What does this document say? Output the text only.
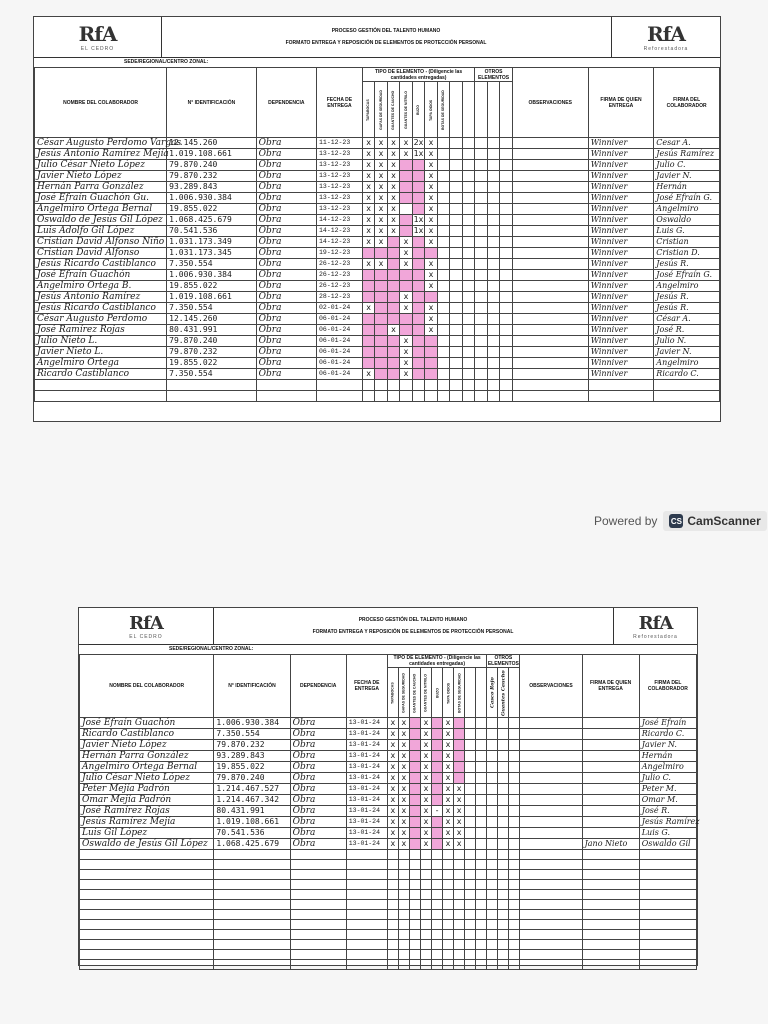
RfA
EL CEDRO
PROCESO GESTIÓN DEL TALENTO HUMANO
FORMATO ENTREGA Y REPOSICIÓN DE ELEMENTOS DE PROTECCIÓN PERSONAL	RfA
Reforestadora
SEDE/REGIONAL/CENTRO ZONAL:
NOMBRE DEL COLABORADOR	N° IDENTIFICACIÓN	DEPENDENCIA	FECHA DE ENTREGA	TIPO DE ELEMENTO - (Diligencie las cantidades entregadas)									OTROS ELEMENTOS			OBSERVACIONES	FIRMA DE QUIEN ENTREGA	FIRMA DEL COLABORADOR
				TAPABOCAS	GAFAS DE SEGURIDAD	GUANTES DE CAUCHO	GUANTES DE NITRILO	BUZO	TAPA OIDOS	BOTAS DE SEGURIDAD								
César Augusto Perdomo Vargas	12.145.260	Obra	11-12-23	x	x	x	x	2x	x								Winniver	Cesar A.
Jesús Antonio Ramírez Mejía	1.019.108.661	Obra	13-12-23	x	x	x	x	1x	x								Winniver	Jesús Ramírez
Julio César Nieto López	79.870.240	Obra	13-12-23	x	x	x			x								Winniver	Julio C.
Javier Nieto López	79.870.232	Obra	13-12-23	x	x	x			x								Winniver	Javier N.
Hernán Parra González	93.289.843	Obra	13-12-23	x	x	x			x								Winniver	Hernán
José Efraín Guachón Gu.	1.006.930.384	Obra	13-12-23	x	x	x			x								Winniver	José Efraín G.
Angelmiro Ortega Bernal	19.855.022	Obra	13-12-23	x	x	x			x								Winniver	Angelmiro
Oswaldo de Jesús Gil López	1.068.425.679	Obra	14-12-23	x	x	x		1x	x								Winniver	Oswaldo
Luis Adolfo Gil López	70.541.536	Obra	14-12-23	x	x	x		1x	x								Winniver	Luis G.
Cristian David Alfonso Niño	1.031.173.349	Obra	14-12-23	x	x		x		x								Winniver	Cristian
Cristian David Alfonso	1.031.173.345	Obra	19-12-23				x										Winniver	Cristian D.
Jesús Ricardo Castiblanco	7.350.554	Obra	26-12-23	x	x		x		x								Winniver	Jesús R.
José Efraín Guachón	1.006.930.384	Obra	26-12-23						x								Winniver	José Efraín G.
Angelmiro Ortega B.	19.855.022	Obra	26-12-23						x								Winniver	Angelmiro
Jesús Antonio Ramírez	1.019.108.661	Obra	28-12-23				x										Winniver	Jesús R.
Jesús Ricardo Castiblanco	7.350.554	Obra	02-01-24	x			x		x								Winniver	Jesús R.
César Augusto Perdomo	12.145.260	Obra	06-01-24						x								Winniver	César A.
José Ramírez Rojas	80.431.991	Obra	06-01-24			x			x								Winniver	José R.
Julio Nieto L.	79.870.240	Obra	06-01-24				x										Winniver	Julio N.
Javier Nieto L.	79.870.232	Obra	06-01-24				x										Winniver	Javier N.
Angelmiro Ortega	19.855.022	Obra	06-01-24				x										Winniver	Angelmiro
Ricardo Castiblanco	7.350.554	Obra	06-01-24	x			x										Winniver	Ricardo C.

Powered by CS CamScanner
RfA
EL CEDRO
PROCESO GESTIÓN DEL TALENTO HUMANO
FORMATO ENTREGA Y REPOSICIÓN DE ELEMENTOS DE PROTECCIÓN PERSONAL	RfA
Reforestadora
SEDE/REGIONAL/CENTRO ZONAL:
NOMBRE DEL COLABORADOR	N° IDENTIFICACIÓN	DEPENDENCIA	FECHA DE ENTREGA	TIPO DE ELEMENTO - (Diligencie las cantidades entregadas)									OTROS ELEMENTOS			OBSERVACIONES	FIRMA DE QUIEN ENTREGA	FIRMA DEL COLABORADOR
				TAPABOCAS	GAFAS DE SEGURIDAD	GUANTES DE CAUCHO	GUANTES DE NITRILO	BUZO	TAPA OIDOS	BOTAS DE SEGURIDAD			Casco Rojo	Guantes Caucho				
José Efraín Guachón	1.006.930.384	Obra	13-01-24	x	x		x		x									José Efraín
Ricardo Castiblanco	7.350.554	Obra	13-01-24	x	x		x		x									Ricardo C.
Javier Nieto López	79.870.232	Obra	13-01-24	x	x		x		x									Javier N.
Hernán Parra González	93.289.843	Obra	13-01-24	x	x		x		x									Hernán
Angelmiro Ortega Bernal	19.855.022	Obra	13-01-24	x	x		x		x									Angelmiro
Julio César Nieto López	79.870.240	Obra	13-01-24	x	x		x		x									Julio C.
Peter Mejía Padrón	1.214.467.527	Obra	13-01-24	x	x		x		x	x								Peter M.
Omar Mejía Padrón	1.214.467.342	Obra	13-01-24	x	x		x		x	x								Omar M.
José Ramírez Rojas	80.431.991	Obra	13-01-24	x	x		x	-	x	x								José R.
Jesús Ramírez Mejía	1.019.108.661	Obra	13-01-24	x	x		x		x	x								Jesús Ramírez
Luis Gil López	70.541.536	Obra	13-01-24	x	x		x		x	x								Luis G.
Oswaldo de Jesús Gil López	1.068.425.679	Obra	13-01-24	x	x		x		x	x							Jano Nieto	Oswaldo Gil
